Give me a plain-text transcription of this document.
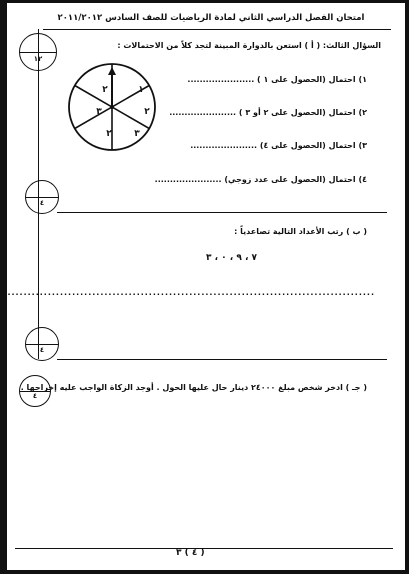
امتحان الفصل الدراسي الثاني لمادة الرياضيات للصف السادس ٢٠١١/٢٠١٢
١٢
السؤال الثالث: ( أ ) استعن بالدوارة المبينة لتجد كلاً من الاحتمالات :
١
٢
٣
٢
٣
٢
١) احتمال (الحصول على ١ ) ......................
٢) احتمال (الحصول على ٢ أو ٣ ) ......................
٣) احتمال (الحصول على ٤) ......................
٤) احتمال (الحصول على عدد زوجي) ......................
٤
( ب ) رتب الأعداد التالية تصاعدياً :
٧ ، ٩ ، ٠ ، ٣
...........................................................................................
٤
٤
( جـ ) ادخر شخص مبلغ ٢٤٠٠٠ دينار حال عليها الحول . أوجد الزكاة الواجب عليه إخراجها .
( ٤ ) ٣
